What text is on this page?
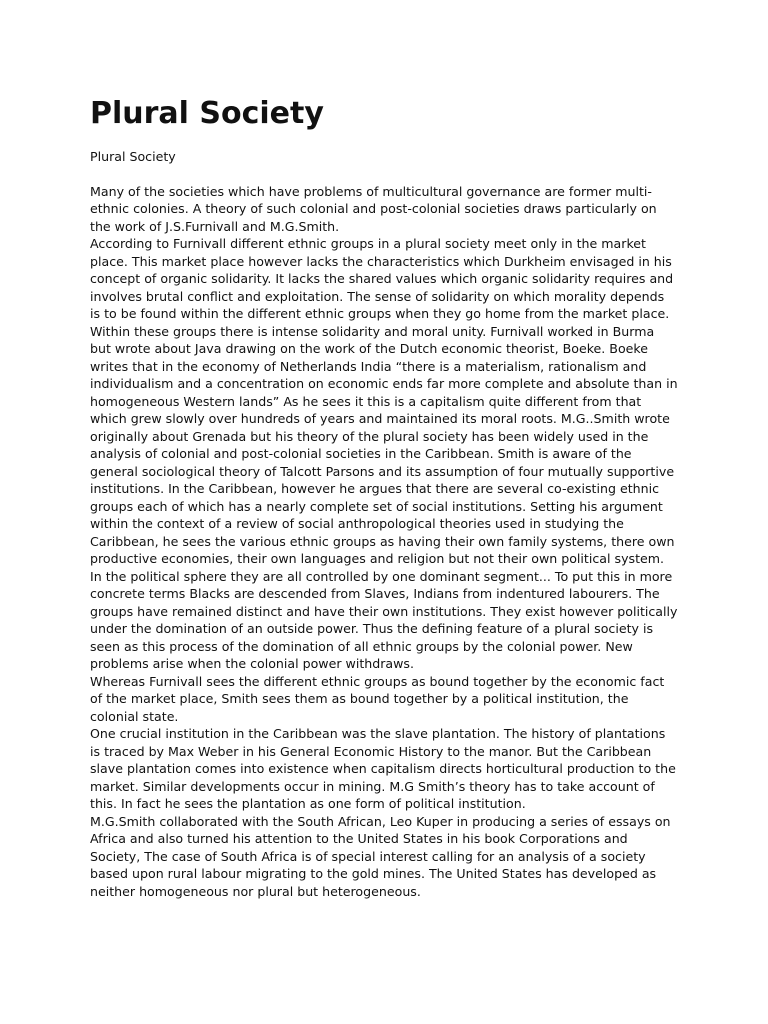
Plural Society
Plural Society

Many of the societies which have problems of multicultural governance are former multi-ethnic colonies. A theory of such colonial and post-colonial societies draws particularly on the work of J.S.Furnivall and M.G.Smith.

According to Furnivall different ethnic groups in a plural society meet only in the market place. This market place however lacks the characteristics which Durkheim envisaged in his concept of organic solidarity. It lacks the shared values which organic solidarity requires and involves brutal conflict and exploitation. The sense of solidarity on which morality depends is to be found within the different ethnic groups when they go home from the market place. Within these groups there is intense solidarity and moral unity. Furnivall worked in Burma but wrote about Java drawing on the work of the Dutch economic theorist, Boeke. Boeke writes that in the economy of Netherlands India “there is a materialism, rationalism and individualism and a concentration on economic ends far more complete and absolute than in homogeneous Western lands” As he sees it this is a capitalism quite different from that which grew slowly over hundreds of years and maintained its moral roots. M.G..Smith wrote originally about Grenada but his theory of the plural society has been widely used in the analysis of colonial and post-colonial societies in the Caribbean. Smith is aware of the general sociological theory of Talcott Parsons and its assumption of four mutually supportive institutions. In the Caribbean, however he argues that there are several co-existing ethnic groups each of which has a nearly complete set of social institutions. Setting his argument within the context of a review of social anthropological theories used in studying the Caribbean, he sees the various ethnic groups as having their own family systems, there own productive economies, their own languages and religion but not their own political system. In the political sphere they are all controlled by one dominant segment... To put this in more concrete terms Blacks are descended from Slaves, Indians from indentured labourers. The groups have remained distinct and have their own institutions. They exist however politically under the domination of an outside power. Thus the defining feature of a plural society is seen as this process of the domination of all ethnic groups by the colonial power. New problems arise when the colonial power withdraws.

Whereas Furnivall sees the different ethnic groups as bound together by the economic fact of the market place, Smith sees them as bound together by a political institution, the colonial state.

One crucial institution in the Caribbean was the slave plantation. The history of plantations is traced by Max Weber in his General Economic History to the manor. But the Caribbean slave plantation comes into existence when capitalism directs horticultural production to the market. Similar developments occur in mining. M.G Smith’s theory has to take account of this. In fact he sees the plantation as one form of political institution.

M.G.Smith collaborated with the South African, Leo Kuper in producing a series of essays on Africa and also turned his attention to the United States in his book Corporations and Society, The case of South Africa is of special interest calling for an analysis of a society based upon rural labour migrating to the gold mines. The United States has developed as neither homogeneous nor plural but heterogeneous.
